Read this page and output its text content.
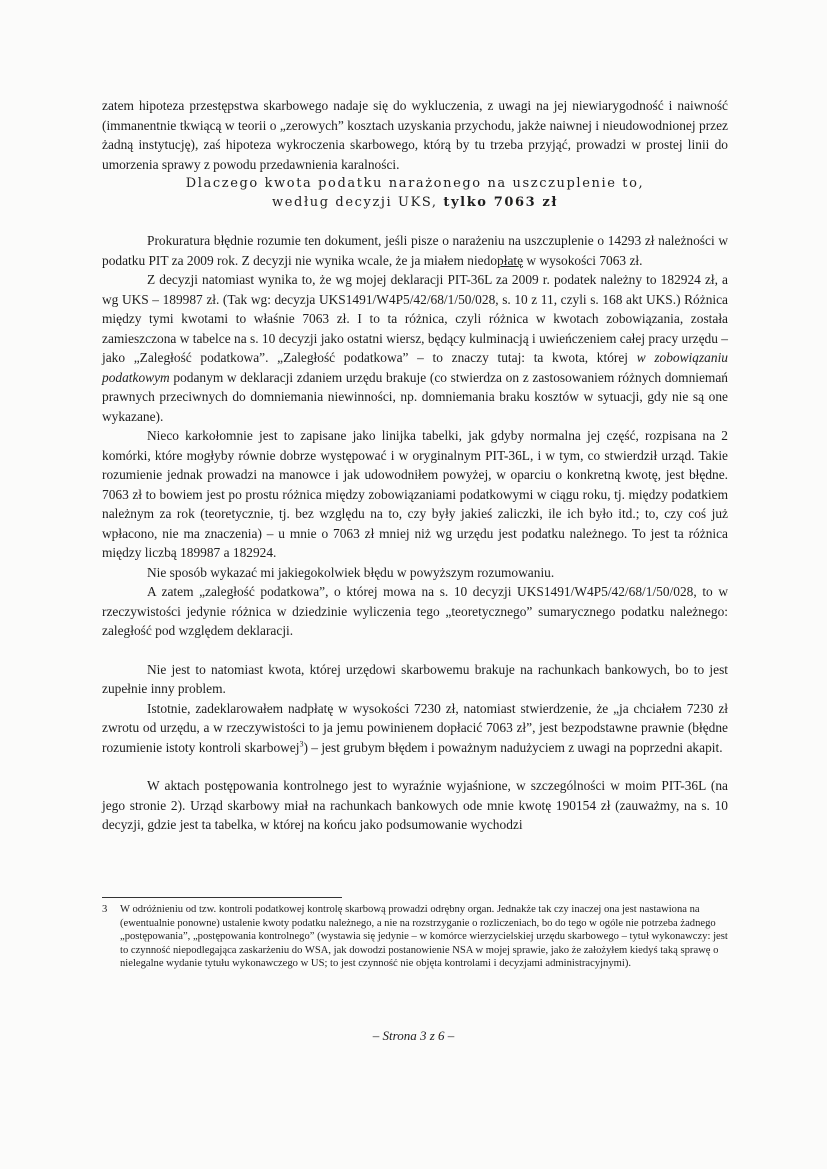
zatem hipoteza przestępstwa skarbowego nadaje się do wykluczenia, z uwagi na jej niewiarygodność i naiwność (immanentnie tkwiącą w teorii o „zerowych” kosztach uzyskania przychodu, jakże naiwnej i nieudowodnionej przez żadną instytucję), zaś hipoteza wykroczenia skarbowego, którą by tu trzeba przyjąć, prowadzi w prostej linii do umorzenia sprawy z powodu przedawnienia karalności.

Dlaczego kwota podatku narażonego na uszczuplenie to,
według decyzji UKS, tylko 7063 zł

Prokuratura błędnie rozumie ten dokument, jeśli pisze o narażeniu na uszczuplenie o 14293 zł należności w podatku PIT za 2009 rok. Z decyzji nie wynika wcale, że ja miałem niedopłatę w wysokości 7063 zł.

Z decyzji natomiast wynika to, że wg mojej deklaracji PIT-36L za 2009 r. podatek należny to 182924 zł, a wg UKS – 189987 zł. (Tak wg: decyzja UKS1491/W4P5/42/68/1/50/028, s. 10 z 11, czyli s. 168 akt UKS.) Różnica między tymi kwotami to właśnie 7063 zł. I to ta różnica, czyli różnica w kwotach zobowiązania, została zamieszczona w tabelce na s. 10 decyzji jako ostatni wiersz, będący kulminacją i uwieńczeniem całej pracy urzędu – jako „Zaległość podatkowa”. „Zaległość podatkowa” – to znaczy tutaj: ta kwota, której w zobowiązaniu podatkowym podanym w deklaracji zdaniem urzędu brakuje (co stwierdza on z zastosowaniem różnych domniemań prawnych przeciwnych do domniemania niewinności, np. domniemania braku kosztów w sytuacji, gdy nie są one wykazane).

Nieco karkołomnie jest to zapisane jako linijka tabelki, jak gdyby normalna jej część, rozpisana na 2 komórki, które mogłyby równie dobrze występować i w oryginalnym PIT-36L, i w tym, co stwierdził urząd. Takie rozumienie jednak prowadzi na manowce i jak udowodniłem powyżej, w oparciu o konkretną kwotę, jest błędne. 7063 zł to bowiem jest po prostu różnica między zobowiązaniami podatkowymi w ciągu roku, tj. między podatkiem należnym za rok (teoretycznie, tj. bez względu na to, czy były jakieś zaliczki, ile ich było itd.; to, czy coś już wpłacono, nie ma znaczenia) – u mnie o 7063 zł mniej niż wg urzędu jest podatku należnego. To jest ta różnica między liczbą 189987 a 182924.

Nie sposób wykazać mi jakiegokolwiek błędu w powyższym rozumowaniu.

A zatem „zaległość podatkowa”, o której mowa na s. 10 decyzji UKS1491/W4P5/42/68/1/50/028, to w rzeczywistości jedynie różnica w dziedzinie wyliczenia tego „teoretycznego” sumarycznego podatku należnego: zaległość pod względem deklaracji.

Nie jest to natomiast kwota, której urzędowi skarbowemu brakuje na rachunkach bankowych, bo to jest zupełnie inny problem.

Istotnie, zadeklarowałem nadpłatę w wysokości 7230 zł, natomiast stwierdzenie, że „ja chciałem 7230 zł zwrotu od urzędu, a w rzeczywistości to ja jemu powinienem dopłacić 7063 zł”, jest bezpodstawne prawnie (błędne rozumienie istoty kontroli skarbowej$^3$) – jest grubym błędem i poważnym nadużyciem z uwagi na poprzedni akapit.

W aktach postępowania kontrolnego jest to wyraźnie wyjaśnione, w szczególności w moim PIT-36L (na jego stronie 2). Urząd skarbowy miał na rachunkach bankowych ode mnie kwotę 190154 zł (zauważmy, na s. 10 decyzji, gdzie jest ta tabelka, w której na końcu jako podsumowanie wychodzi

3	W odróżnieniu od tzw. kontroli podatkowej kontrolę skarbową prowadzi odrębny organ. Jednakże tak czy inaczej ona jest nastawiona na (ewentualnie ponowne) ustalenie kwoty podatku należnego, a nie na rozstrzyganie o rozliczeniach, bo do tego w ogóle nie potrzeba żadnego „postępowania”, „postępowania kontrolnego” (wystawia się jedynie – w komórce wierzycielskiej urzędu skarbowego – tytuł wykonawczy: jest to czynność niepodlegająca zaskarżeniu do WSA, jak dowodzi postanowienie NSA w mojej sprawie, jako że założyłem kiedyś taką sprawę o nielegalne wydanie tytułu wykonawczego w US; to jest czynność nie objęta kontrolami i decyzjami administracyjnymi).
– Strona 3 z 6 –
